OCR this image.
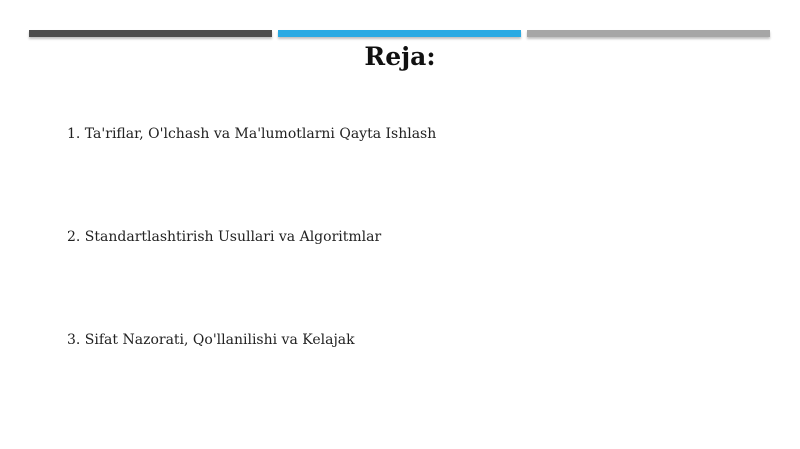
Reja:
1. Ta'riflar, O'lchash va Ma'lumotlarni Qayta Ishlash
2. Standartlashtirish Usullari va Algoritmlar
3. Sifat Nazorati, Qo'llanilishi va Kelajak
